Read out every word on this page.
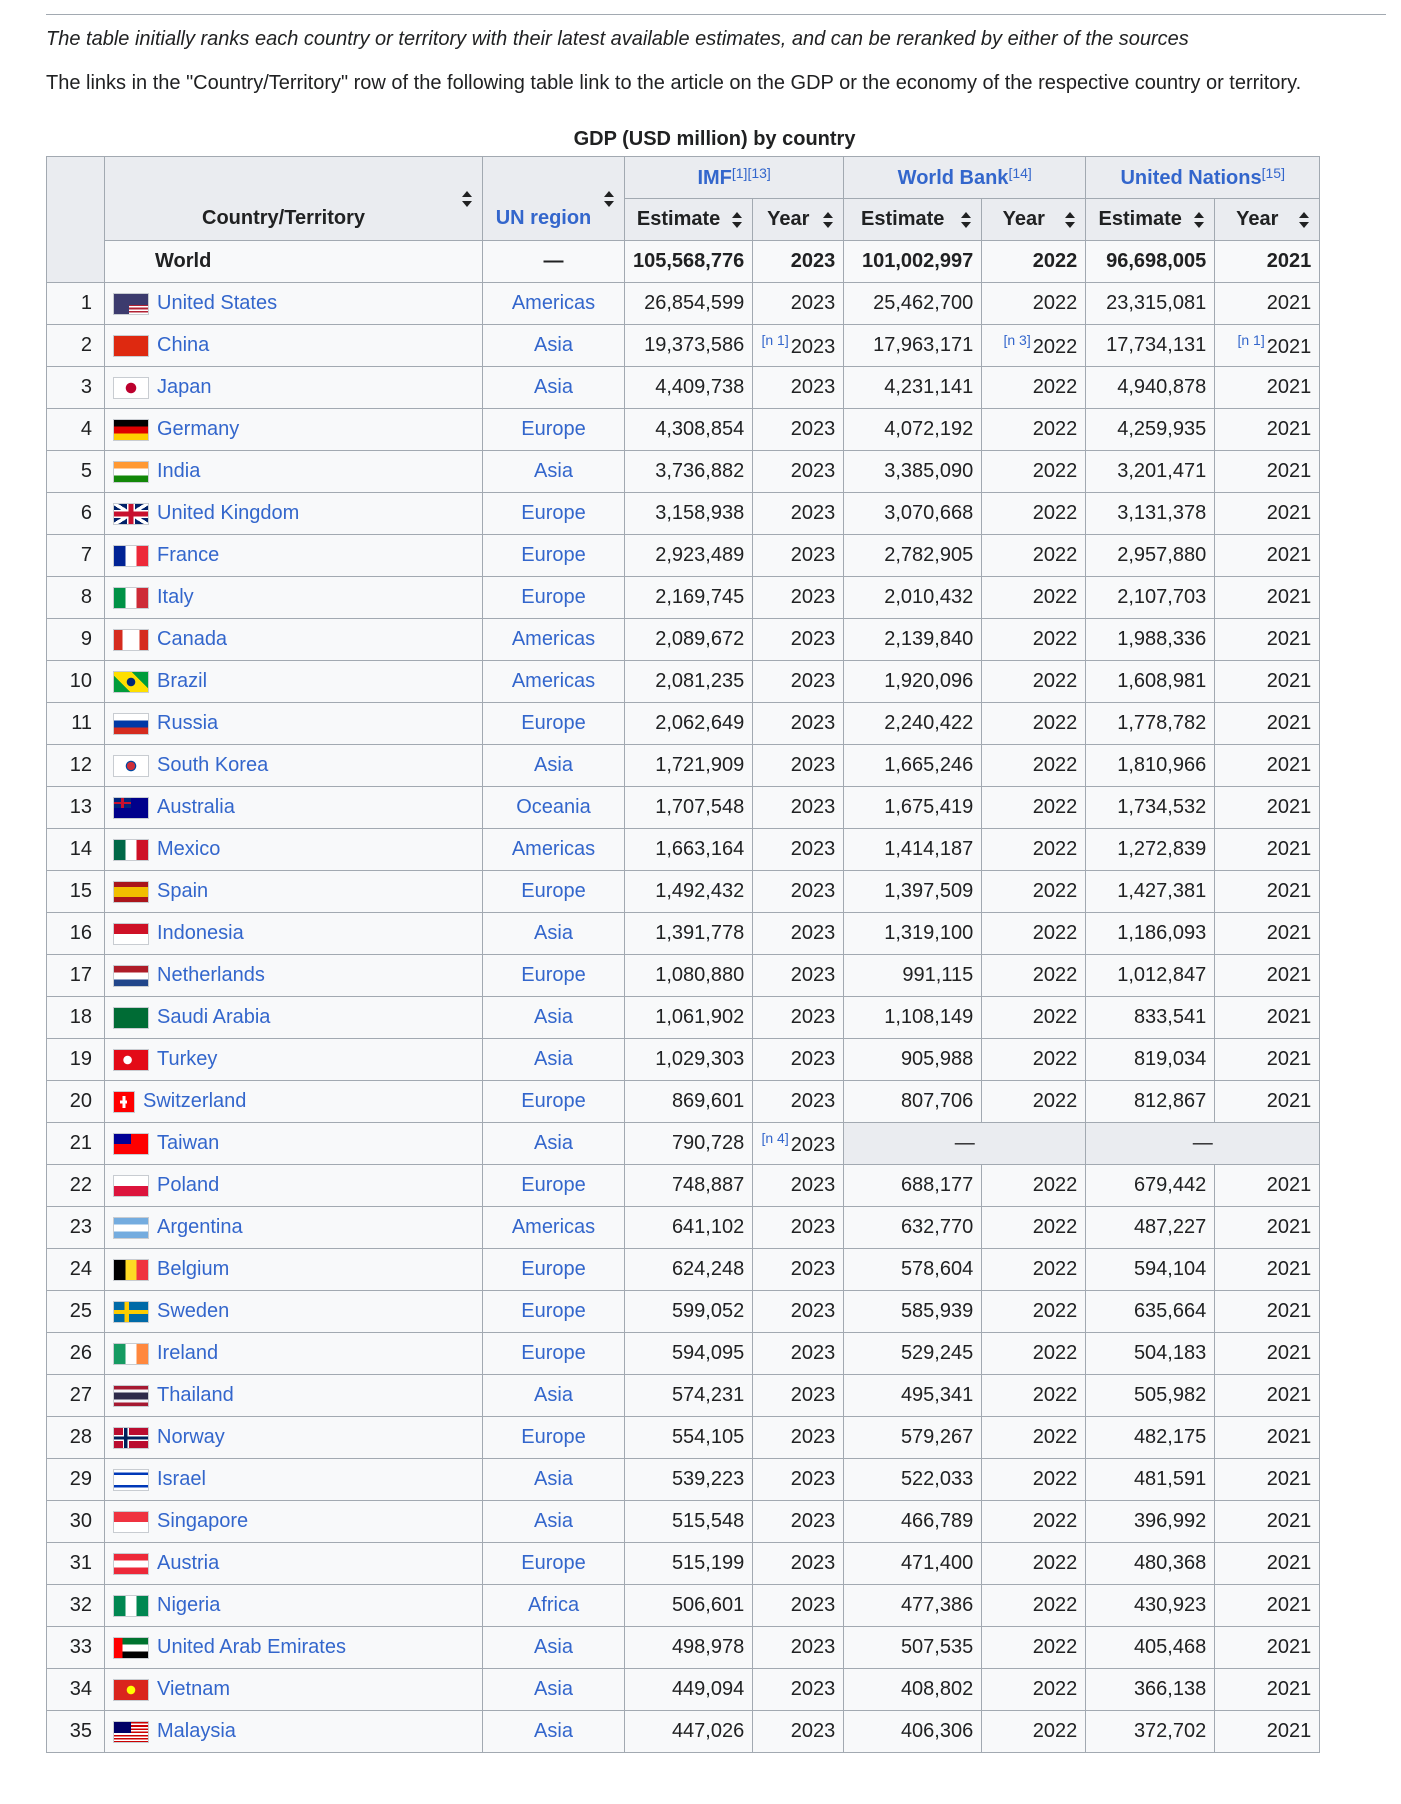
The table initially ranks each country or territory with their latest available estimates, and can be reranked by either of the sources
The links in the "Country/Territory" row of the following table link to the article on the GDP or the economy of the respective country or territory.
GDP (USD million) by country
	Country/Territory	UN region	IMF[1][13]		World Bank[14]		United Nations[15]
			Estimate	Year	Estimate	Year	Estimate	Year

	World	—	105,568,776	2023	101,002,997	2022	96,698,005	2021
1	United States	Americas	26,854,599	2023	25,462,700	2022	23,315,081	2021
2	China	Asia	19,373,586	[n 1] 2023	17,963,171	[n 3] 2022	17,734,131	[n 1] 2021
3	Japan	Asia	4,409,738	2023	4,231,141	2022	4,940,878	2021
4	Germany	Europe	4,308,854	2023	4,072,192	2022	4,259,935	2021
5	India	Asia	3,736,882	2023	3,385,090	2022	3,201,471	2021
6	United Kingdom	Europe	3,158,938	2023	3,070,668	2022	3,131,378	2021
7	France	Europe	2,923,489	2023	2,782,905	2022	2,957,880	2021
8	Italy	Europe	2,169,745	2023	2,010,432	2022	2,107,703	2021
9	Canada	Americas	2,089,672	2023	2,139,840	2022	1,988,336	2021
10	Brazil	Americas	2,081,235	2023	1,920,096	2022	1,608,981	2021
11	Russia	Europe	2,062,649	2023	2,240,422	2022	1,778,782	2021
12	South Korea	Asia	1,721,909	2023	1,665,246	2022	1,810,966	2021
13	Australia	Oceania	1,707,548	2023	1,675,419	2022	1,734,532	2021
14	Mexico	Americas	1,663,164	2023	1,414,187	2022	1,272,839	2021
15	Spain	Europe	1,492,432	2023	1,397,509	2022	1,427,381	2021
16	Indonesia	Asia	1,391,778	2023	1,319,100	2022	1,186,093	2021
17	Netherlands	Europe	1,080,880	2023	991,115	2022	1,012,847	2021
18	Saudi Arabia	Asia	1,061,902	2023	1,108,149	2022	833,541	2021
19	Turkey	Asia	1,029,303	2023	905,988	2022	819,034	2021
20	Switzerland	Europe	869,601	2023	807,706	2022	812,867	2021
21	Taiwan	Asia	790,728	[n 4] 2023	—		—	
22	Poland	Europe	748,887	2023	688,177	2022	679,442	2021
23	Argentina	Americas	641,102	2023	632,770	2022	487,227	2021
24	Belgium	Europe	624,248	2023	578,604	2022	594,104	2021
25	Sweden	Europe	599,052	2023	585,939	2022	635,664	2021
26	Ireland	Europe	594,095	2023	529,245	2022	504,183	2021
27	Thailand	Asia	574,231	2023	495,341	2022	505,982	2021
28	Norway	Europe	554,105	2023	579,267	2022	482,175	2021
29	Israel	Asia	539,223	2023	522,033	2022	481,591	2021
30	Singapore	Asia	515,548	2023	466,789	2022	396,992	2021
31	Austria	Europe	515,199	2023	471,400	2022	480,368	2021
32	Nigeria	Africa	506,601	2023	477,386	2022	430,923	2021
33	United Arab Emirates	Asia	498,978	2023	507,535	2022	405,468	2021
34	Vietnam	Asia	449,094	2023	408,802	2022	366,138	2021
35	Malaysia	Asia	447,026	2023	406,306	2022	372,702	2021
